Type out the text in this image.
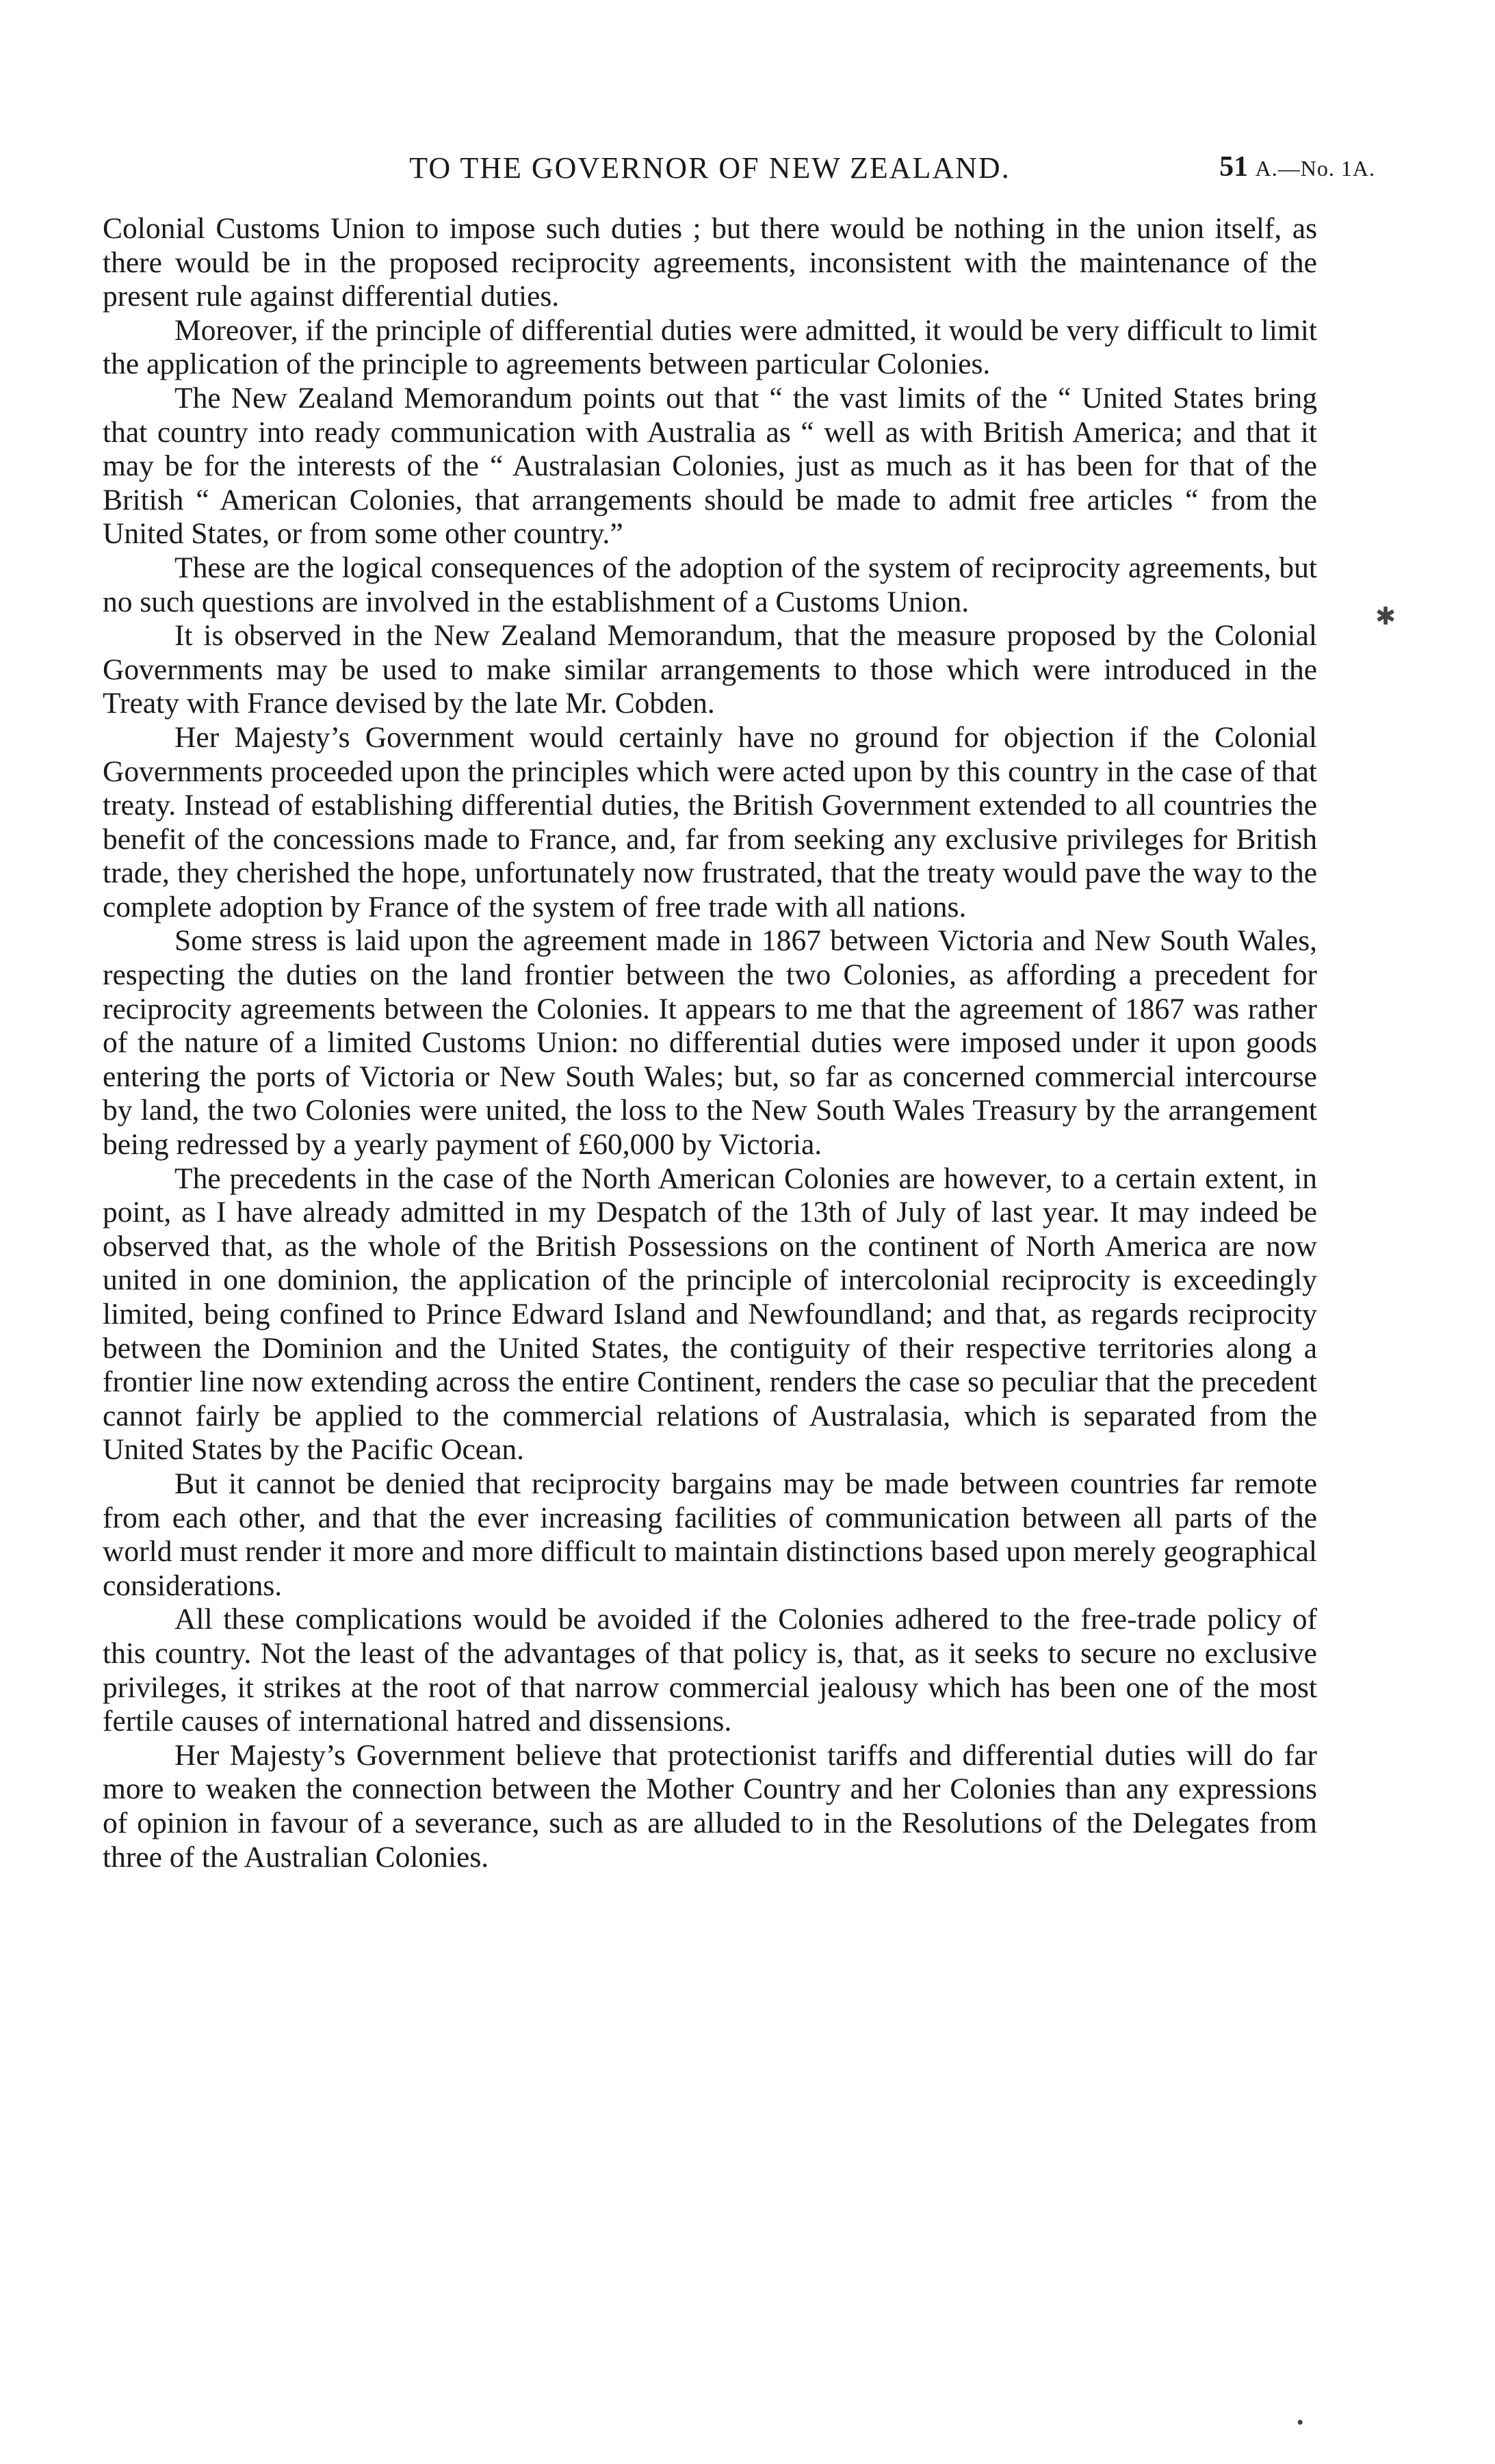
TO THE GOVERNOR OF NEW ZEALAND.	51 A.—No. 1A.

Colonial Customs Union to impose such duties ; but there would be nothing in the union itself, as there would be in the proposed reciprocity agreements, inconsistent with the maintenance of the present rule against differential duties.

Moreover, if the principle of differential duties were admitted, it would be very difficult to limit the application of the principle to agreements between particular Colonies.

The New Zealand Memorandum points out that “ the vast limits of the “ United States bring that country into ready communication with Australia as “ well as with British America; and that it may be for the interests of the “ Australasian Colonies, just as much as it has been for that of the British “ American Colonies, that arrangements should be made to admit free articles “ from the United States, or from some other country.”

These are the logical consequences of the adoption of the system of reciprocity agreements, but no such questions are involved in the establishment of a Customs Union.

It is observed in the New Zealand Memorandum, that the measure proposed by the Colonial Governments may be used to make similar arrangements to those which were introduced in the Treaty with France devised by the late Mr. Cobden.

Her Majesty’s Government would certainly have no ground for objection if the Colonial Governments proceeded upon the principles which were acted upon by this country in the case of that treaty. Instead of establishing differential duties, the British Government extended to all countries the benefit of the concessions made to France, and, far from seeking any exclusive privileges for British trade, they cherished the hope, unfortunately now frustrated, that the treaty would pave the way to the complete adoption by France of the system of free trade with all nations.

Some stress is laid upon the agreement made in 1867 between Victoria and New South Wales, respecting the duties on the land frontier between the two Colonies, as affording a precedent for reciprocity agreements between the Colonies. It appears to me that the agreement of 1867 was rather of the nature of a limited Customs Union: no differential duties were imposed under it upon goods entering the ports of Victoria or New South Wales; but, so far as concerned commercial intercourse by land, the two Colonies were united, the loss to the New South Wales Treasury by the arrangement being redressed by a yearly payment of £60,000 by Victoria.

The precedents in the case of the North American Colonies are however, to a certain extent, in point, as I have already admitted in my Despatch of the 13th of July of last year. It may indeed be observed that, as the whole of the British Possessions on the continent of North America are now united in one dominion, the application of the principle of intercolonial reciprocity is exceedingly limited, being confined to Prince Edward Island and Newfoundland; and that, as regards reciprocity between the Dominion and the United States, the contiguity of their respective territories along a frontier line now extending across the entire Continent, renders the case so peculiar that the precedent cannot fairly be applied to the commercial relations of Australasia, which is separated from the United States by the Pacific Ocean.

But it cannot be denied that reciprocity bargains may be made between countries far remote from each other, and that the ever increasing facilities of communication between all parts of the world must render it more and more difficult to maintain distinctions based upon merely geographical considerations.

All these complications would be avoided if the Colonies adhered to the free-trade policy of this country. Not the least of the advantages of that policy is, that, as it seeks to secure no exclusive privileges, it strikes at the root of that narrow commercial jealousy which has been one of the most fertile causes of international hatred and dissensions.

Her Majesty’s Government believe that protectionist tariffs and differential duties will do far more to weaken the connection between the Mother Country and her Colonies than any expressions of opinion in favour of a severance, such as are alluded to in the Resolutions of the Delegates from three of the Australian Colonies.

✱
•
